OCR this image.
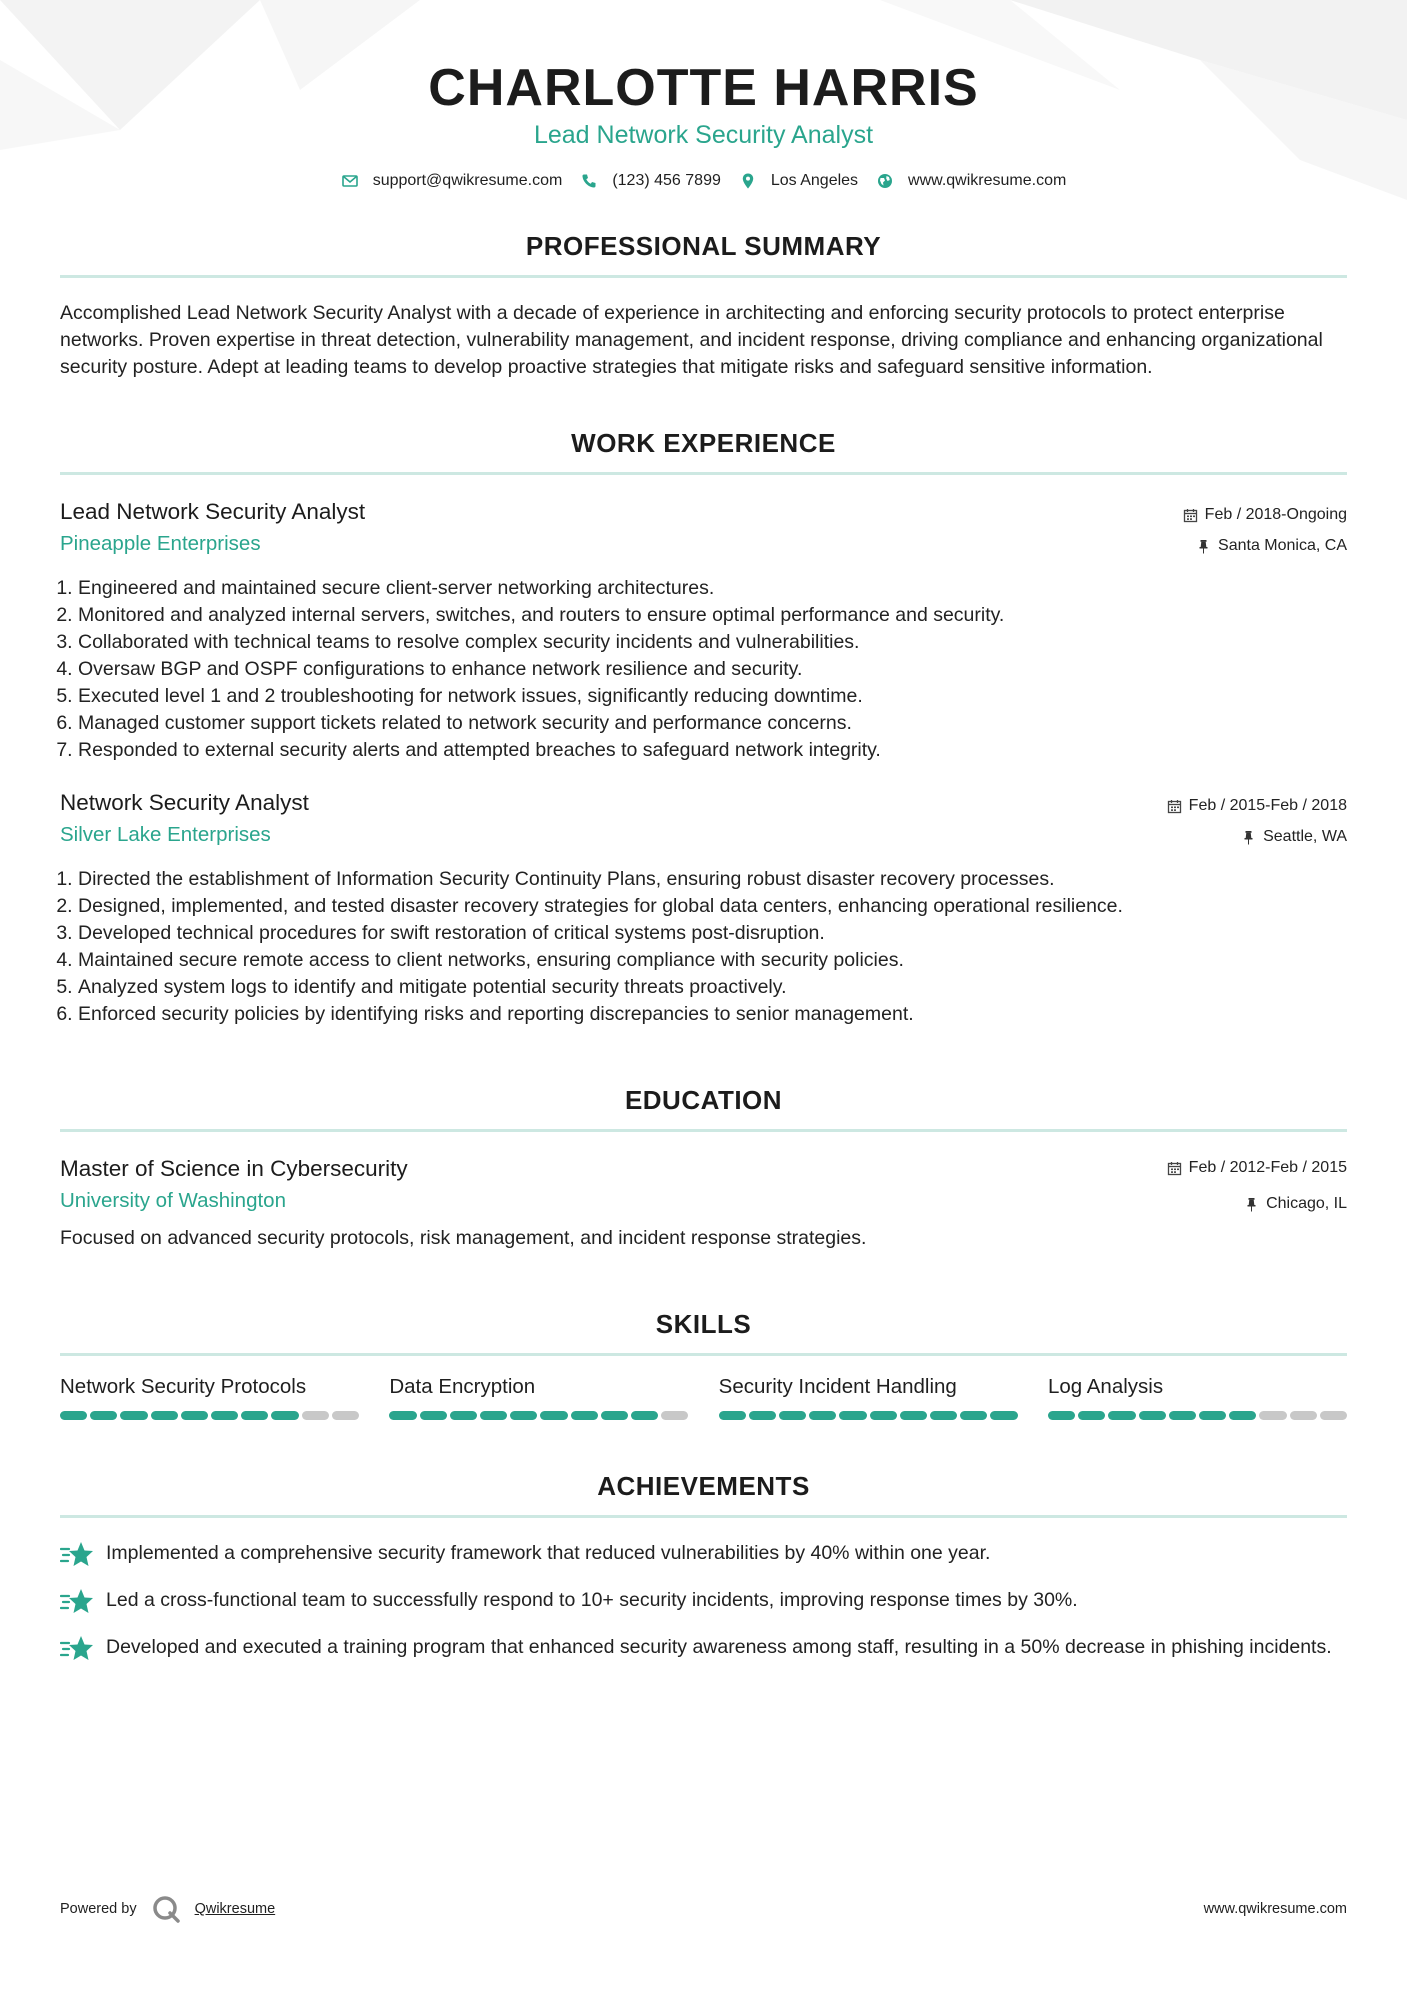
CHARLOTTE HARRIS
Lead Network Security Analyst
support@qwikresume.com	(123) 456 7899	Los Angeles	www.qwikresume.com
PROFESSIONAL SUMMARY
Accomplished Lead Network Security Analyst with a decade of experience in architecting and enforcing security protocols to protect enterprise networks. Proven expertise in threat detection, vulnerability management, and incident response, driving compliance and enhancing organizational security posture. Adept at leading teams to develop proactive strategies that mitigate risks and safeguard sensitive information.
WORK EXPERIENCE
Lead Network Security Analyst
Pineapple Enterprises
Feb / 2018-Ongoing
Santa Monica, CA
1. Engineered and maintained secure client-server networking architectures.
2. Monitored and analyzed internal servers, switches, and routers to ensure optimal performance and security.
3. Collaborated with technical teams to resolve complex security incidents and vulnerabilities.
4. Oversaw BGP and OSPF configurations to enhance network resilience and security.
5. Executed level 1 and 2 troubleshooting for network issues, significantly reducing downtime.
6. Managed customer support tickets related to network security and performance concerns.
7. Responded to external security alerts and attempted breaches to safeguard network integrity.
Network Security Analyst
Silver Lake Enterprises
Feb / 2015-Feb / 2018
Seattle, WA
1. Directed the establishment of Information Security Continuity Plans, ensuring robust disaster recovery processes.
2. Designed, implemented, and tested disaster recovery strategies for global data centers, enhancing operational resilience.
3. Developed technical procedures for swift restoration of critical systems post-disruption.
4. Maintained secure remote access to client networks, ensuring compliance with security policies.
5. Analyzed system logs to identify and mitigate potential security threats proactively.
6. Enforced security policies by identifying risks and reporting discrepancies to senior management.
EDUCATION
Master of Science in Cybersecurity
University of Washington
Feb / 2012-Feb / 2015
Chicago, IL
Focused on advanced security protocols, risk management, and incident response strategies.
SKILLS
Network Security Protocols	Data Encryption	Security Incident Handling	Log Analysis
ACHIEVEMENTS
Implemented a comprehensive security framework that reduced vulnerabilities by 40% within one year.
Led a cross-functional team to successfully respond to 10+ security incidents, improving response times by 30%.
Developed and executed a training program that enhanced security awareness among staff, resulting in a 50% decrease in phishing incidents.
Powered by	Qwikresume	www.qwikresume.com
